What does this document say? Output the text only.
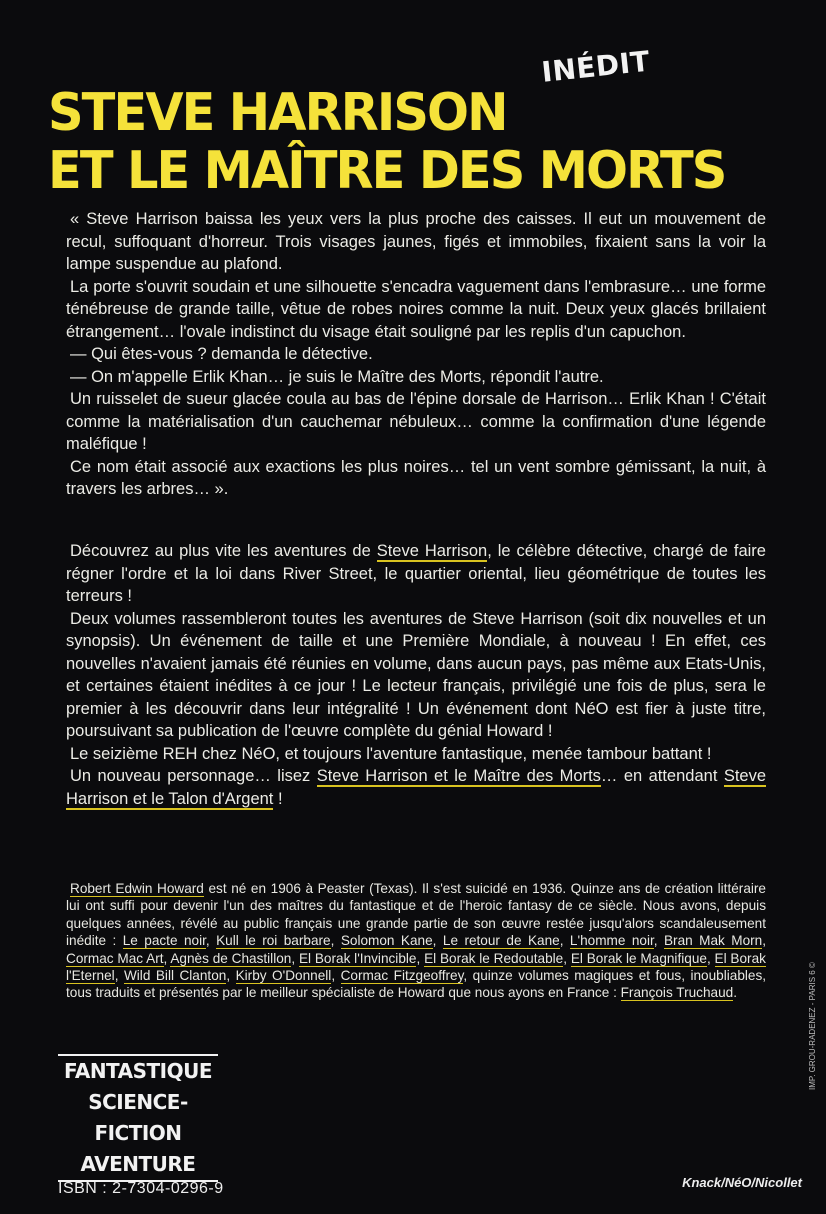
INÉDIT
STEVE HARRISON
ET LE MAÎTRE DES MORTS

« Steve Harrison baissa les yeux vers la plus proche des caisses. Il eut un mouvement de recul, suffoquant d'horreur. Trois visages jaunes, figés et immobiles, fixaient sans la voir la lampe suspendue au plafond.

La porte s'ouvrit soudain et une silhouette s'encadra vaguement dans l'embrasure… une forme ténébreuse de grande taille, vêtue de robes noires comme la nuit. Deux yeux glacés brillaient étrangement… l'ovale indistinct du visage était souligné par les replis d'un capuchon.

— Qui êtes-vous ? demanda le détective.

— On m'appelle Erlik Khan… je suis le Maître des Morts, répondit l'autre.

Un ruisselet de sueur glacée coula au bas de l'épine dorsale de Harrison… Erlik Khan ! C'était comme la matérialisation d'un cauchemar nébuleux… comme la confirmation d'une légende maléfique !

Ce nom était associé aux exactions les plus noires… tel un vent sombre gémissant, la nuit, à travers les arbres… ».

Découvrez au plus vite les aventures de Steve Harrison, le célèbre détective, chargé de faire régner l'ordre et la loi dans River Street, le quartier oriental, lieu géométrique de toutes les terreurs !

Deux volumes rassembleront toutes les aventures de Steve Harrison (soit dix nouvelles et un synopsis). Un événement de taille et une Première Mondiale, à nouveau ! En effet, ces nouvelles n'avaient jamais été réunies en volume, dans aucun pays, pas même aux Etats-Unis, et certaines étaient inédites à ce jour ! Le lecteur français, privilégié une fois de plus, sera le premier à les découvrir dans leur intégralité ! Un événement dont NéO est fier à juste titre, poursuivant sa publication de l'œuvre complète du génial Howard !

Le seizième REH chez NéO, et toujours l'aventure fantastique, menée tambour battant !

Un nouveau personnage… lisez Steve Harrison et le Maître des Morts… en attendant Steve Harrison et le Talon d'Argent !

Robert Edwin Howard est né en 1906 à Peaster (Texas). Il s'est suicidé en 1936. Quinze ans de création littéraire lui ont suffi pour devenir l'un des maîtres du fantastique et de l'heroic fantasy de ce siècle. Nous avons, depuis quelques années, révélé au public français une grande partie de son œuvre restée jusqu'alors scandaleusement inédite : Le pacte noir, Kull le roi barbare, Solomon Kane, Le retour de Kane, L'homme noir, Bran Mak Morn, Cormac Mac Art, Agnès de Chastillon, El Borak l'Invincible, El Borak le Redoutable, El Borak le Magnifique, El Borak l'Eternel, Wild Bill Clanton, Kirby O'Donnell, Cormac Fitzgeoffrey, quinze volumes magiques et fous, inoubliables, tous traduits et présentés par le meilleur spécialiste de Howard que nous ayons en France : François Truchaud.

FANTASTIQUE
SCIENCE-FICTION
AVENTURE
ISBN : 2-7304-0296-9	Knack/NéO/Nicollet
IMP. GROU-RADENEZ - PARIS 6 ©
